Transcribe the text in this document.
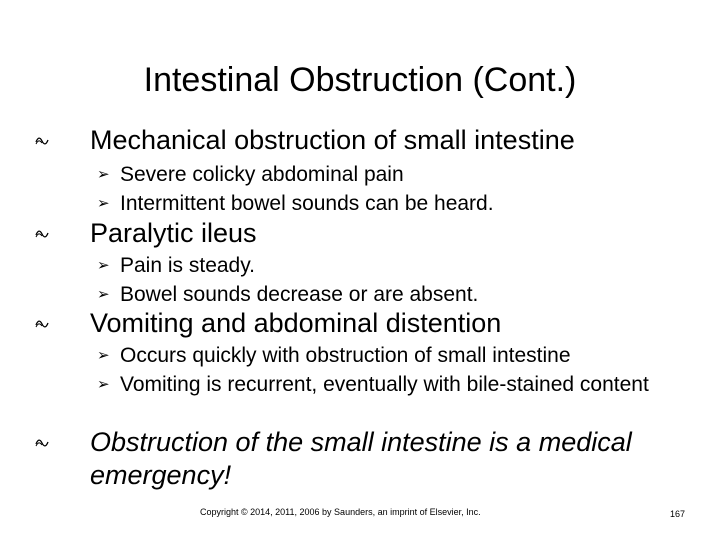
Intestinal Obstruction (Cont.)
Mechanical obstruction of small intestine
➢ Severe colicky abdominal pain
➢ Intermittent bowel sounds can be heard.
Paralytic ileus
➢ Pain is steady.
➢ Bowel sounds decrease or are absent.
Vomiting and abdominal distention
➢ Occurs quickly with obstruction of small intestine
➢ Vomiting is recurrent, eventually with bile-stained content
Obstruction of the small intestine is a medical emergency!
Copyright © 2014, 2011, 2006 by Saunders, an imprint of Elsevier, Inc.	167
